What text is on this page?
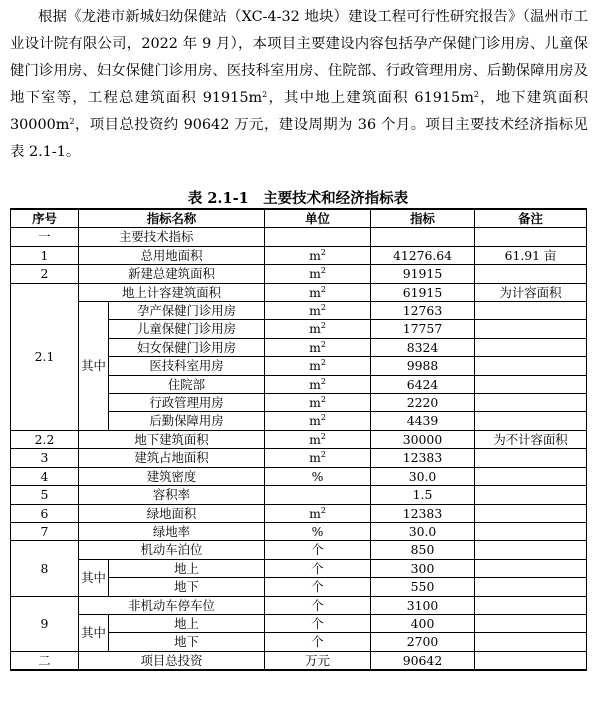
根据《龙港市新城妇幼保健站（XC-4-32 地块）建设工程可行性研究报告》（温州市工业设计院有限公司，2022 年 9 月），本项目主要建设内容包括孕产保健门诊用房、儿童保健门诊用房、妇女保健门诊用房、医技科室用房、住院部、行政管理用房、后勤保障用房及地下室等，工程总建筑面积 $91915m^2$，其中地上建筑面积 $61915m^2$，地下建筑面积 $30000m^2$，项目总投资约 90642 万元，建设周期为 36 个月。项目主要技术经济指标见表 2.1-1。

表 2.1-1　主要技术和经济指标表
序号	指标名称		单位	指标	备注
一	主要技术指标				
1	总用地面积		$m^2$	41276.64	61.91 亩
2	新建总建筑面积		$m^2$	91915	
2.1	地上计容建筑面积		$m^2$	61915	为计容面积
	其中	孕产保健门诊用房	$m^2$	12763	
		儿童保健门诊用房	$m^2$	17757	
		妇女保健门诊用房	$m^2$	8324	
		医技科室用房	$m^2$	9988	
		住院部	$m^2$	6424	
		行政管理用房	$m^2$	2220	
		后勤保障用房	$m^2$	4439	
2.2	地下建筑面积		$m^2$	30000	为不计容面积
3	建筑占地面积		$m^2$	12383	
4	建筑密度		%	30.0	
5	容积率			1.5	
6	绿地面积		$m^2$	12383	
7	绿地率		%	30.0	
8	机动车泊位		个	850	
	其中	地上	个	300	
		地下	个	550	
9	非机动车停车位		个	3100	
	其中	地上	个	400	
		地下	个	2700	
二	项目总投资		万元	90642	
